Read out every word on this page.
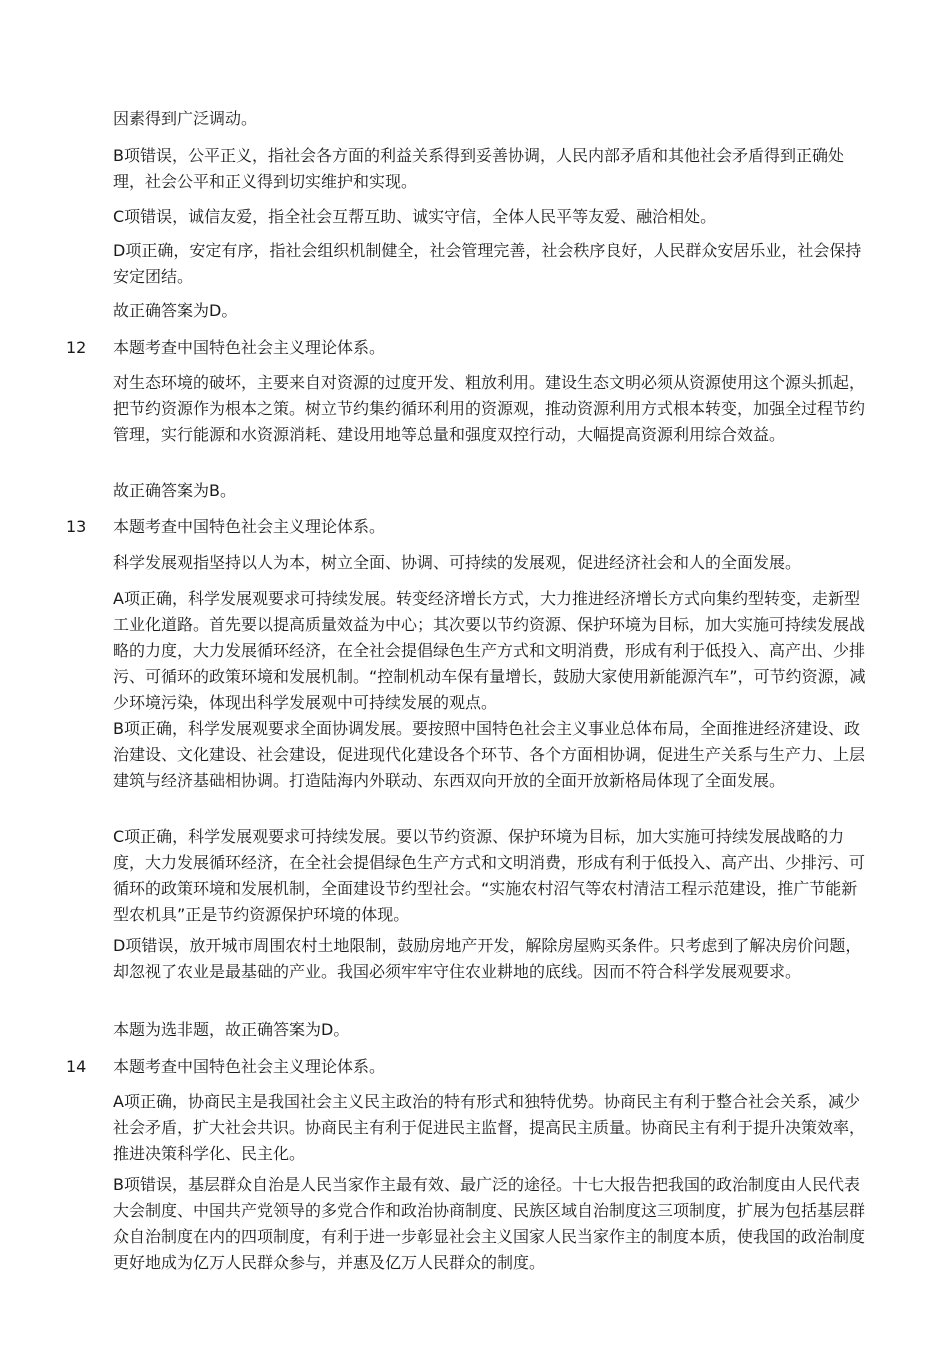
因素得到广泛调动。

B项错误，公平正义，指社会各方面的利益关系得到妥善协调，人民内部矛盾和其他社会矛盾得到正确处理，社会公平和正义得到切实维护和实现。

C项错误，诚信友爱，指全社会互帮互助、诚实守信，全体人民平等友爱、融洽相处。

D项正确，安定有序，指社会组织机制健全，社会管理完善，社会秩序良好，人民群众安居乐业，社会保持安定团结。

故正确答案为D。

12 本题考查中国特色社会主义理论体系。

对生态环境的破坏，主要来自对资源的过度开发、粗放利用。建设生态文明必须从资源使用这个源头抓起，把节约资源作为根本之策。树立节约集约循环利用的资源观，推动资源利用方式根本转变，加强全过程节约管理，实行能源和水资源消耗、建设用地等总量和强度双控行动，大幅提高资源利用综合效益。

故正确答案为B。

13 本题考查中国特色社会主义理论体系。

科学发展观指坚持以人为本，树立全面、协调、可持续的发展观，促进经济社会和人的全面发展。

A项正确，科学发展观要求可持续发展。转变经济增长方式，大力推进经济增长方式向集约型转变，走新型工业化道路。首先要以提高质量效益为中心；其次要以节约资源、保护环境为目标，加大实施可持续发展战略的力度，大力发展循环经济，在全社会提倡绿色生产方式和文明消费，形成有利于低投入、高产出、少排污、可循环的政策环境和发展机制。“控制机动车保有量增长，鼓励大家使用新能源汽车”，可节约资源，减少环境污染，体现出科学发展观中可持续发展的观点。

B项正确，科学发展观要求全面协调发展。要按照中国特色社会主义事业总体布局，全面推进经济建设、政治建设、文化建设、社会建设，促进现代化建设各个环节、各个方面相协调，促进生产关系与生产力、上层建筑与经济基础相协调。打造陆海内外联动、东西双向开放的全面开放新格局体现了全面发展。

C项正确，科学发展观要求可持续发展。要以节约资源、保护环境为目标，加大实施可持续发展战略的力度，大力发展循环经济，在全社会提倡绿色生产方式和文明消费，形成有利于低投入、高产出、少排污、可循环的政策环境和发展机制，全面建设节约型社会。“实施农村沼气等农村清洁工程示范建设，推广节能新型农机具”正是节约资源保护环境的体现。

D项错误，放开城市周围农村土地限制，鼓励房地产开发，解除房屋购买条件。只考虑到了解决房价问题，却忽视了农业是最基础的产业。我国必须牢牢守住农业耕地的底线。因而不符合科学发展观要求。

本题为选非题，故正确答案为D。

14 本题考查中国特色社会主义理论体系。

A项正确，协商民主是我国社会主义民主政治的特有形式和独特优势。协商民主有利于整合社会关系，减少社会矛盾，扩大社会共识。协商民主有利于促进民主监督，提高民主质量。协商民主有利于提升决策效率，推进决策科学化、民主化。

B项错误，基层群众自治是人民当家作主最有效、最广泛的途径。十七大报告把我国的政治制度由人民代表大会制度、中国共产党领导的多党合作和政治协商制度、民族区域自治制度这三项制度，扩展为包括基层群众自治制度在内的四项制度，有利于进一步彰显社会主义国家人民当家作主的制度本质，使我国的政治制度更好地成为亿万人民群众参与，并惠及亿万人民群众的制度。
